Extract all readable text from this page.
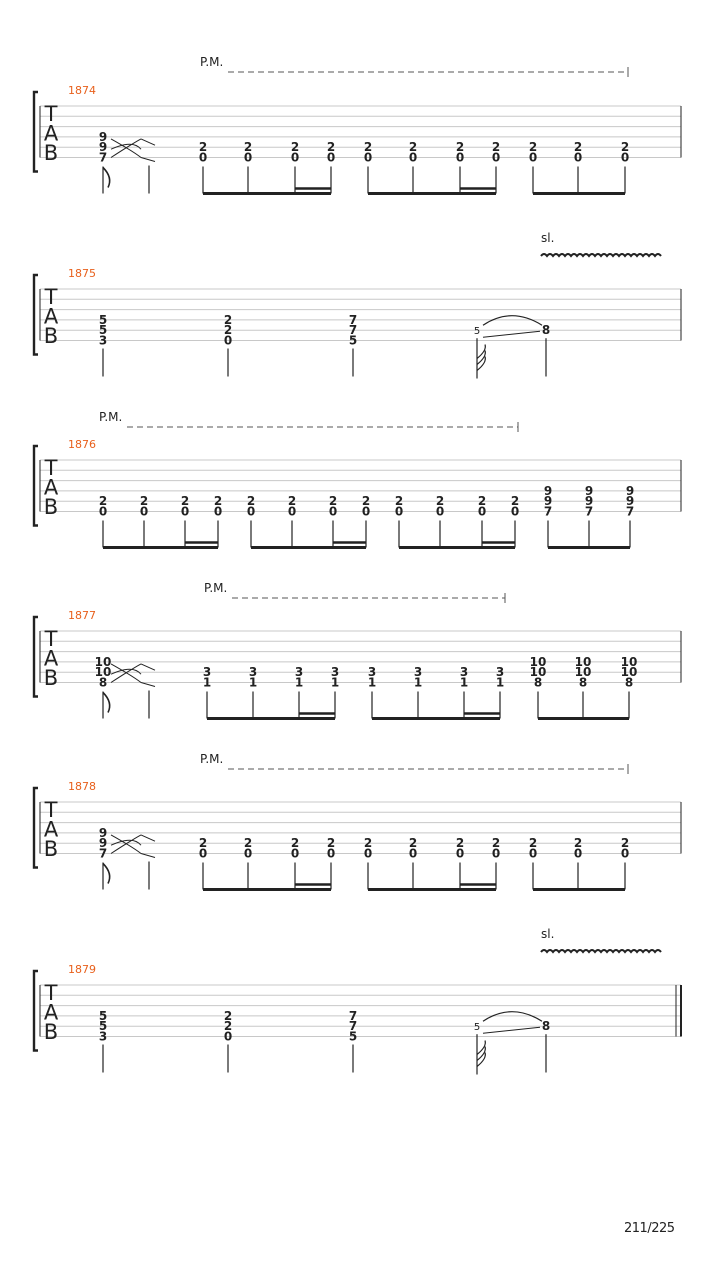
T
A
B
1874
P.M.
9
9
7
2
0
2
0
2
0
2
0
2
0
2
0
2
0
2
0
2
0
2
0
2
0
T
A
B
1875
5
5
3
2
2
0
7
7
5
5	8
sl.
T
A
B
1876
P.M.
2
0
2
0
2
0
2
0
2
0
2
0
2
0
2
0
2
0
2
0
2
0
2
0
9
9
7
9
9
7
9
9
7
T
A
B
1877
P.M.
10
10
8
3
1
3
1
3
1
3
1
3
1
3
1
3
1
3
1
10
10
8
10
10
8
10
10
8
T
A
B
1878
P.M.
9
9
7
2
0
2
0
2
0
2
0
2
0
2
0
2
0
2
0
2
0
2
0
2
0
T
A
B
1879
5
5
3
2
2
0
7
7
5
5	8
sl.
211/225
